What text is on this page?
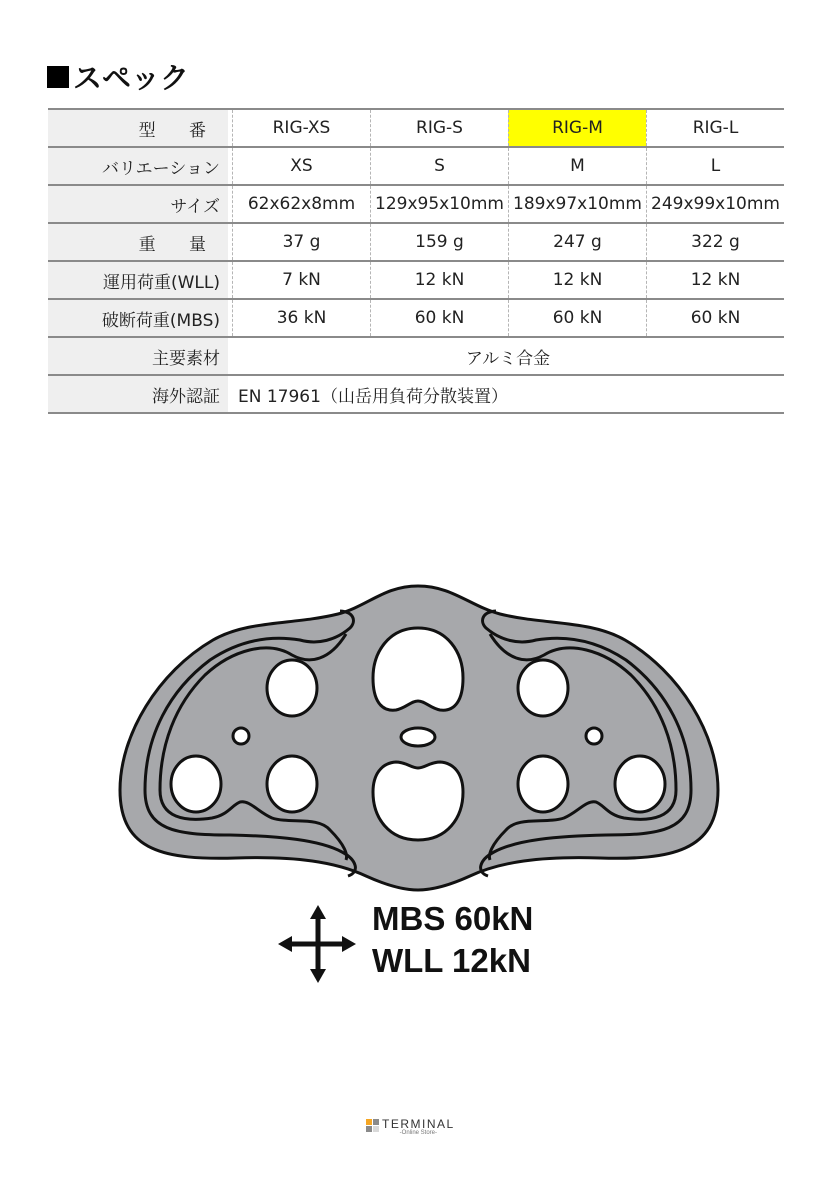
スペック
型 番	RIG-XS	RIG-S	RIG-M	RIG-L
バリエーション	XS	S	M	L
サイズ	62x62x8mm	129x95x10mm 189x97x10mm 249x99x10mm
重 量	37 g	159 g	247 g	322 g
運用荷重(WLL)	7 kN	12 kN	12 kN	12 kN
破断荷重(MBS)	36 kN	60 kN	60 kN	60 kN
主要素材	アルミ合金
海外認証	EN 17961（山岳用負荷分散装置）
MBS 60kN
WLL 12kN
TERMINAL
-Online Store-
